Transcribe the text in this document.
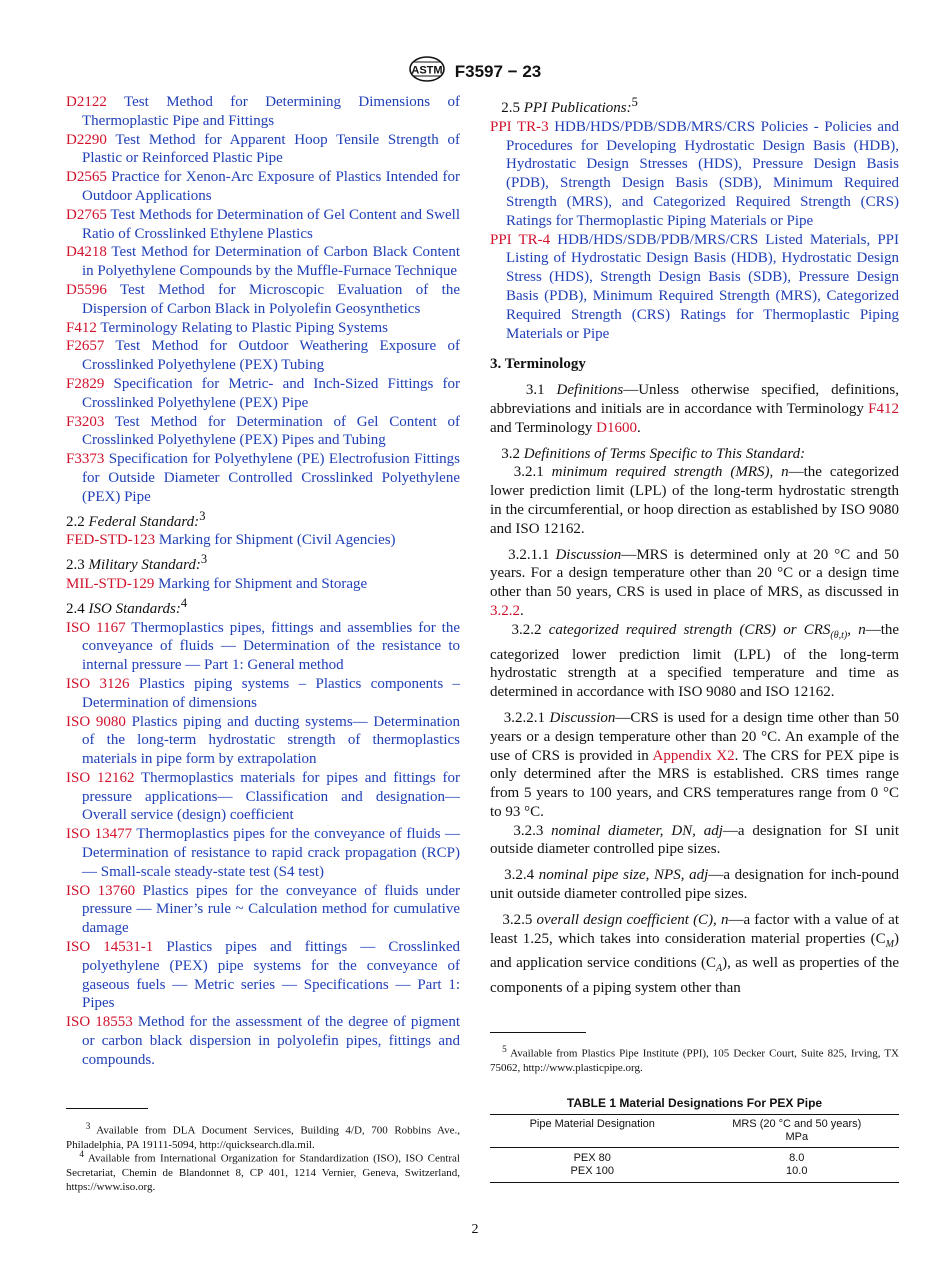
ASTM F3597 − 23
D2122 Test Method for Determining Dimensions of Thermoplastic Pipe and Fittings
D2290 Test Method for Apparent Hoop Tensile Strength of Plastic or Reinforced Plastic Pipe
D2565 Practice for Xenon-Arc Exposure of Plastics Intended for Outdoor Applications
D2765 Test Methods for Determination of Gel Content and Swell Ratio of Crosslinked Ethylene Plastics
D4218 Test Method for Determination of Carbon Black Content in Polyethylene Compounds by the Muffle-Furnace Technique
D5596 Test Method for Microscopic Evaluation of the Dispersion of Carbon Black in Polyolefin Geosynthetics
F412 Terminology Relating to Plastic Piping Systems
F2657 Test Method for Outdoor Weathering Exposure of Crosslinked Polyethylene (PEX) Tubing
F2829 Specification for Metric- and Inch-Sized Fittings for Crosslinked Polyethylene (PEX) Pipe
F3203 Test Method for Determination of Gel Content of Crosslinked Polyethylene (PEX) Pipes and Tubing
F3373 Specification for Polyethylene (PE) Electrofusion Fittings for Outside Diameter Controlled Crosslinked Polyethylene (PEX) Pipe
2.2 Federal Standard:$^3$
FED-STD-123 Marking for Shipment (Civil Agencies)
2.3 Military Standard:$^3$
MIL-STD-129 Marking for Shipment and Storage
2.4 ISO Standards:$^4$
ISO 1167 Thermoplastics pipes, fittings and assemblies for the conveyance of fluids — Determination of the resistance to internal pressure — Part 1: General method
ISO 3126 Plastics piping systems – Plastics components – Determination of dimensions
ISO 9080 Plastics piping and ducting systems— Determination of the long-term hydrostatic strength of thermoplastics materials in pipe form by extrapolation
ISO 12162 Thermoplastics materials for pipes and fittings for pressure applications— Classification and designation—Overall service (design) coefficient
ISO 13477 Thermoplastics pipes for the conveyance of fluids — Determination of resistance to rapid crack propagation (RCP) — Small-scale steady-state test (S4 test)
ISO 13760 Plastics pipes for the conveyance of fluids under pressure — Miner’s rule ~ Calculation method for cumulative damage
ISO 14531-1 Plastics pipes and fittings — Crosslinked polyethylene (PEX) pipe systems for the conveyance of gaseous fuels — Metric series — Specifications — Part 1: Pipes
ISO 18553 Method for the assessment of the degree of pigment or carbon black dispersion in polyolefin pipes, fittings and compounds.
$^3$ Available from DLA Document Services, Building 4/D, 700 Robbins Ave., Philadelphia, PA 19111-5094, http://quicksearch.dla.mil.
$^4$ Available from International Organization for Standardization (ISO), ISO Central Secretariat, Chemin de Blandonnet 8, CP 401, 1214 Vernier, Geneva, Switzerland, https://www.iso.org.
2.5 PPI Publications:$^5$
PPI TR-3 HDB/HDS/PDB/SDB/MRS/CRS Policies - Policies and Procedures for Developing Hydrostatic Design Basis (HDB), Hydrostatic Design Stresses (HDS), Pressure Design Basis (PDB), Strength Design Basis (SDB), Minimum Required Strength (MRS), and Categorized Required Strength (CRS) Ratings for Thermoplastic Piping Materials or Pipe
PPI TR-4 HDB/HDS/SDB/PDB/MRS/CRS Listed Materials, PPI Listing of Hydrostatic Design Basis (HDB), Hydrostatic Design Stress (HDS), Strength Design Basis (SDB), Pressure Design Basis (PDB), Minimum Required Strength (MRS), Categorized Required Strength (CRS) Ratings for Thermoplastic Piping Materials or Pipe
3. Terminology
3.1 Definitions—Unless otherwise specified, definitions, abbreviations and initials are in accordance with Terminology F412 and Terminology D1600.
3.2 Definitions of Terms Specific to This Standard:
3.2.1 minimum required strength (MRS), n—the categorized lower prediction limit (LPL) of the long-term hydrostatic strength in the circumferential, or hoop direction as established by ISO 9080 and ISO 12162.
3.2.1.1 Discussion—MRS is determined only at 20 °C and 50 years. For a design temperature other than 20 °C or a design time other than 50 years, CRS is used in place of MRS, as discussed in 3.2.2.
3.2.2 categorized required strength (CRS) or $CRS_{(\theta,t)}$, n—the categorized lower prediction limit (LPL) of the long-term hydrostatic strength at a specified temperature and time as determined in accordance with ISO 9080 and ISO 12162.
3.2.2.1 Discussion—CRS is used for a design time other than 50 years or a design temperature other than 20 °C. An example of the use of CRS is provided in Appendix X2. The CRS for PEX pipe is only determined after the MRS is established. CRS times range from 5 years to 100 years, and CRS temperatures range from 0 °C to 93 °C.
3.2.3 nominal diameter, DN, adj—a designation for SI unit outside diameter controlled pipe sizes.
3.2.4 nominal pipe size, NPS, adj—a designation for inch-pound unit outside diameter controlled pipe sizes.
3.2.5 overall design coefficient (C), n—a factor with a value of at least 1.25, which takes into consideration material properties $(C_M)$ and application service conditions $(C_A)$, as well as properties of the components of a piping system other than
$^5$ Available from Plastics Pipe Institute (PPI), 105 Decker Court, Suite 825, Irving, TX 75062, http://www.plasticpipe.org.
TABLE 1 Material Designations For PEX Pipe
Pipe Material Designation	MRS (20 °C and 50 years)
MPa
PEX 80	8.0
PEX 100	10.0
2
